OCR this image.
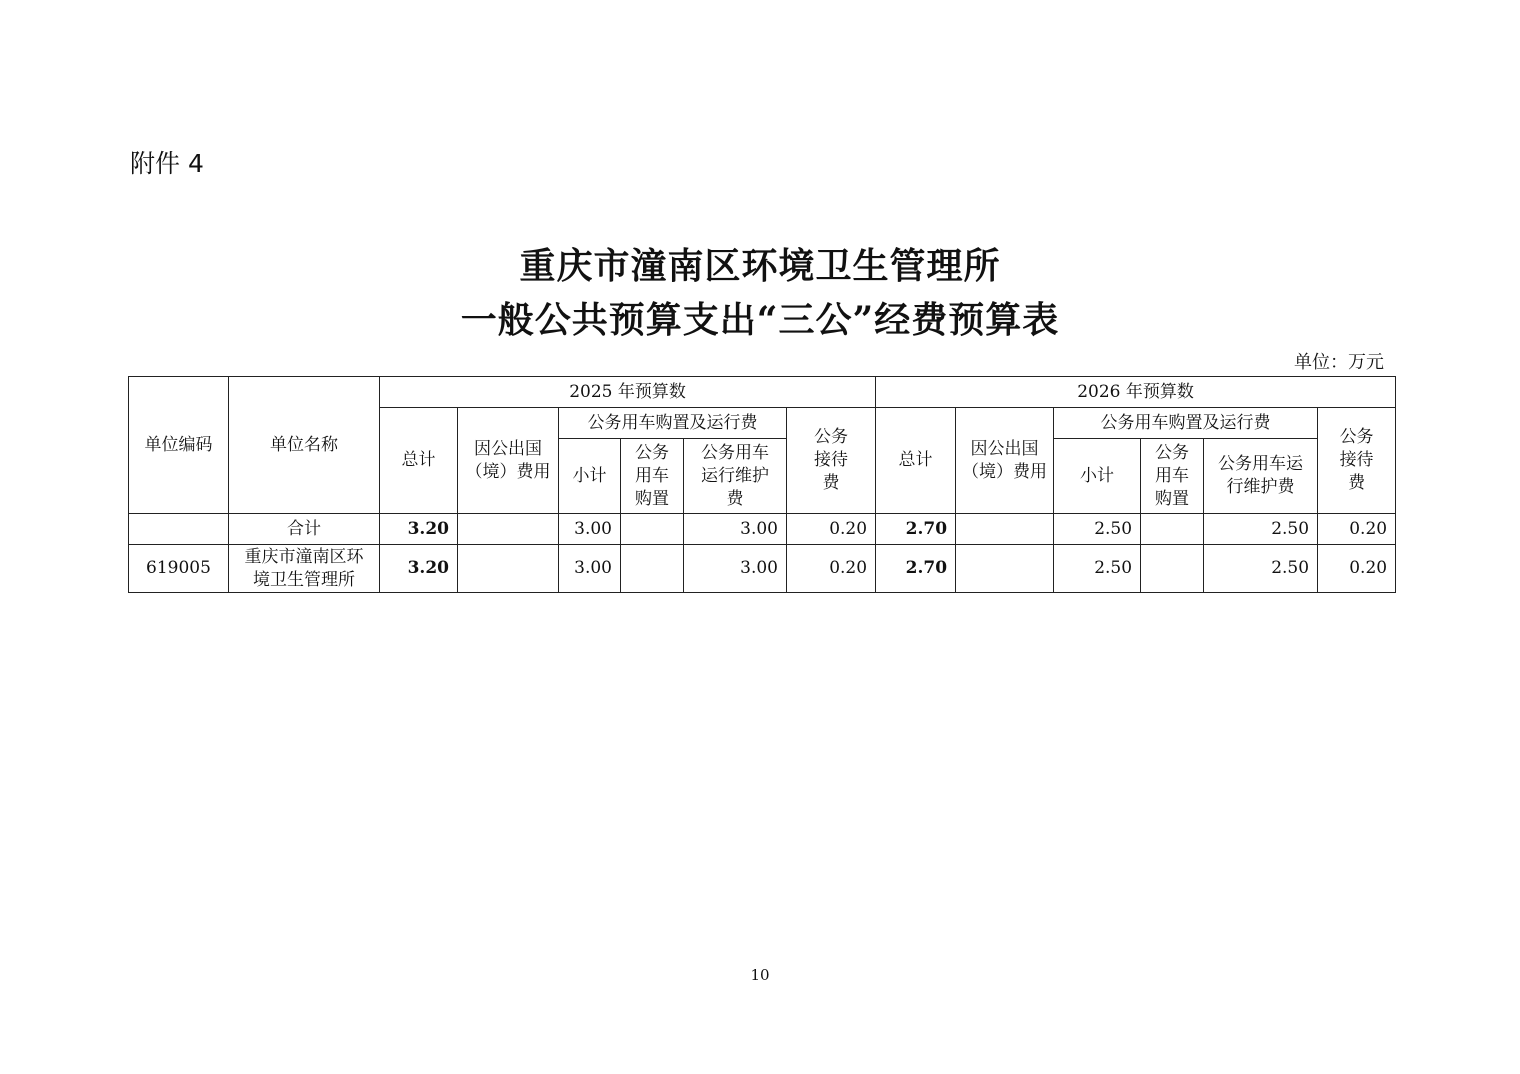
附件 4
重庆市潼南区环境卫生管理所
一般公共预算支出“三公”经费预算表
单位：万元
单位编码	单位名称	2025 年预算数						2026 年预算数					
		总计	因公出国（境）费用	公务用车购置及运行费			公务接待费	总计	因公出国（境）费用	公务用车购置及运行费			公务接待费
				小计	公务用车购置	公务用车运行维护费				小计	公务用车购置	公务用车运行维护费	
	合计	3.20		3.00		3.00	0.20	2.70		2.50		2.50	0.20
619005	重庆市潼南区环境卫生管理所	3.20		3.00		3.00	0.20	2.70		2.50		2.50	0.20
10
